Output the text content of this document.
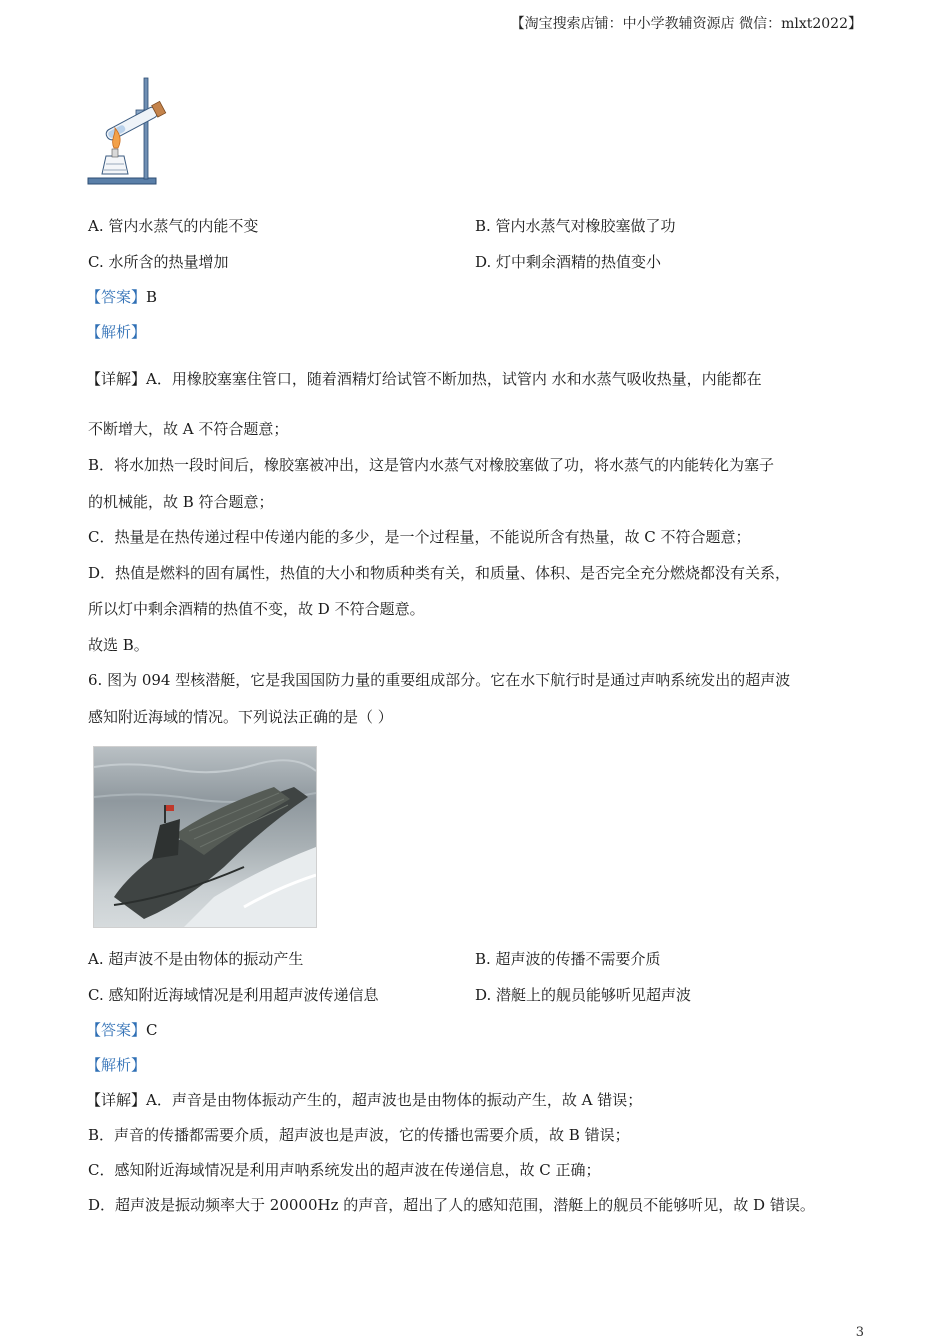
【淘宝搜索店铺：中小学教辅资源店 微信：mlxt2022】
A. 管内水蒸气的内能不变	B. 管内水蒸气对橡胶塞做了功
C. 水所含的热量增加	D. 灯中剩余酒精的热值变小
【答案】B
【解析】
【详解】A．用橡胶塞塞住管口，随着酒精灯给试管不断加热，试管内 水和水蒸气吸收热量，内能都在
不断增大，故 A 不符合题意；
B．将水加热一段时间后，橡胶塞被冲出，这是管内水蒸气对橡胶塞做了功，将水蒸气的内能转化为塞子
的机械能，故 B 符合题意；
C．热量是在热传递过程中传递内能的多少，是一个过程量，不能说所含有热量，故 C 不符合题意；
D．热值是燃料的固有属性，热值的大小和物质种类有关，和质量、体积、是否完全充分燃烧都没有关系，
所以灯中剩余酒精的热值不变，故 D 不符合题意。
故选 B。
6. 图为 094 型核潜艇，它是我国国防力量的重要组成部分。它在水下航行时是通过声呐系统发出的超声波
感知附近海域的情况。下列说法正确的是（ ）
A. 超声波不是由物体的振动产生	B. 超声波的传播不需要介质
C. 感知附近海域情况是利用超声波传递信息	D. 潜艇上的舰员能够听见超声波
【答案】C
【解析】
【详解】A．声音是由物体振动产生的，超声波也是由物体的振动产生，故 A 错误；
B．声音的传播都需要介质，超声波也是声波，它的传播也需要介质，故 B 错误；
C．感知附近海域情况是利用声呐系统发出的超声波在传递信息，故 C 正确；
D．超声波是振动频率大于 20000Hz 的声音，超出了人的感知范围，潜艇上的舰员不能够听见，故 D 错误。
3
